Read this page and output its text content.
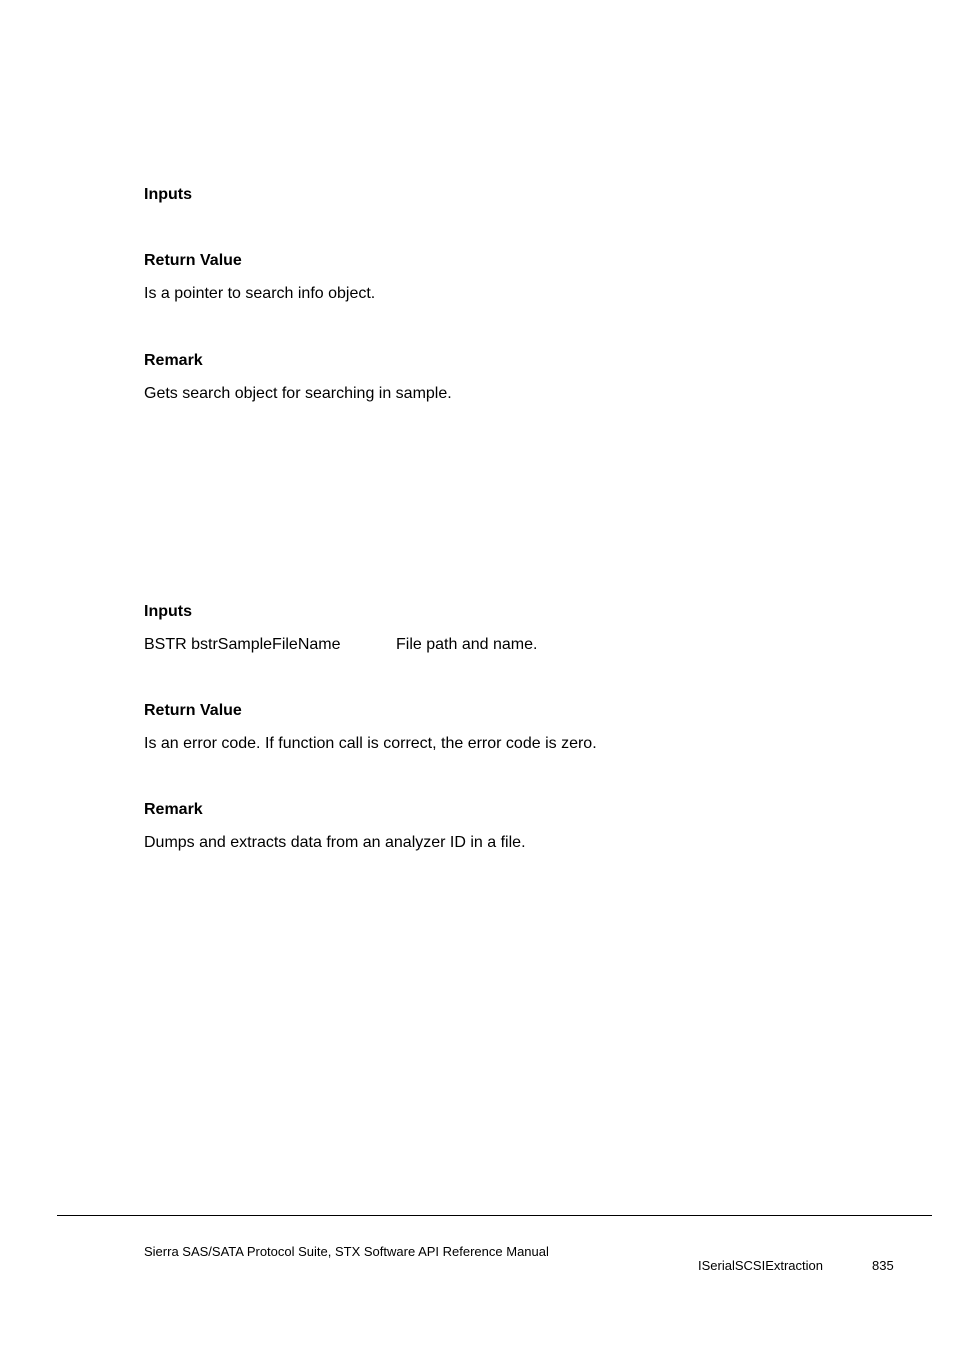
Inputs
Return Value
Is a pointer to search info object.
Remark
Gets search object for searching in sample.
Inputs
BSTR bstrSampleFileName	File path and name.
Return Value
Is an error code. If function call is correct, the error code is zero.
Remark
Dumps and extracts data from an analyzer ID in a file.
Sierra SAS/SATA Protocol Suite, STX Software API Reference Manual
ISerialSCSIExtraction	835
